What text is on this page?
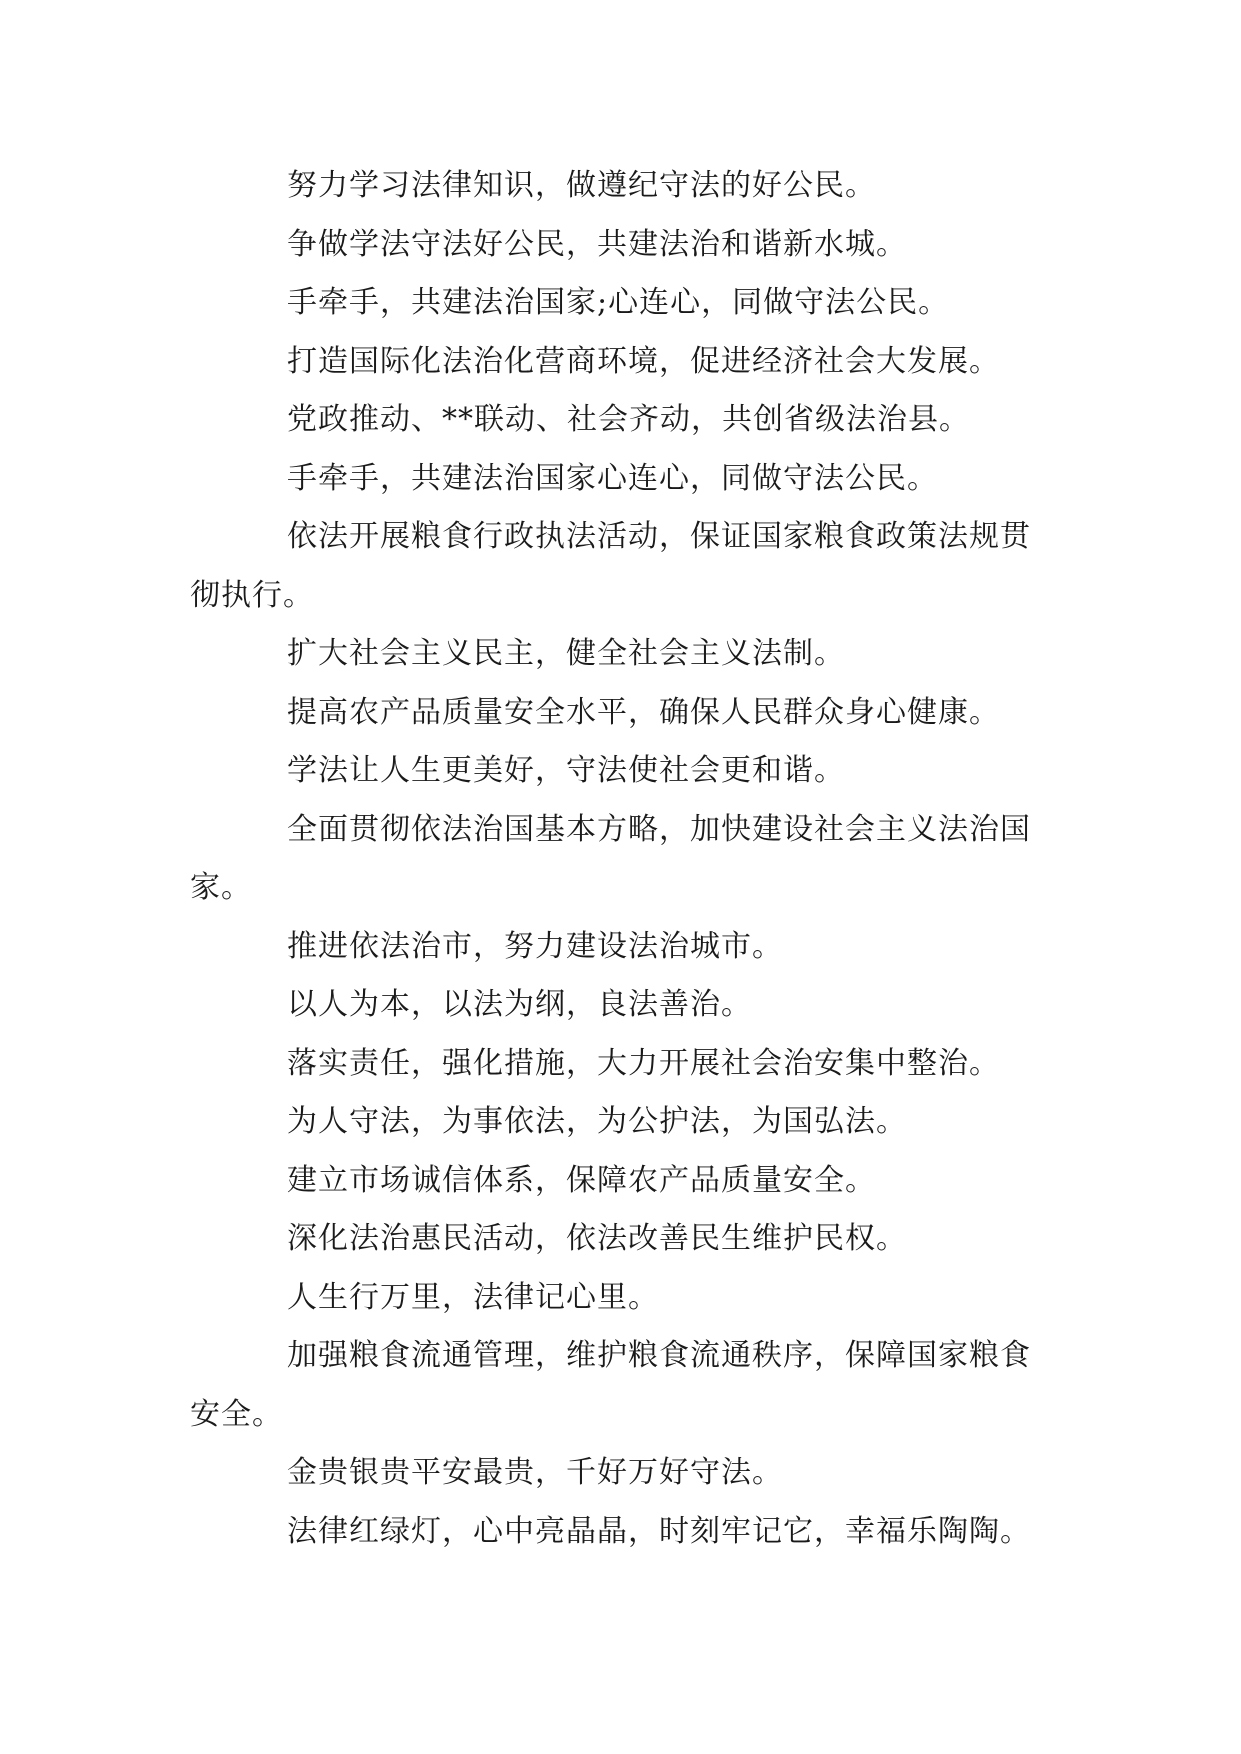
努力学习法律知识，做遵纪守法的好公民。

争做学法守法好公民，共建法治和谐新水城。

手牵手，共建法治国家;心连心，同做守法公民。

打造国际化法治化营商环境，促进经济社会大发展。

党政推动、**联动、社会齐动，共创省级法治县。

手牵手，共建法治国家心连心，同做守法公民。

依法开展粮食行政执法活动，保证国家粮食政策法规贯彻执行。

扩大社会主义民主，健全社会主义法制。

提高农产品质量安全水平，确保人民群众身心健康。

学法让人生更美好，守法使社会更和谐。

全面贯彻依法治国基本方略，加快建设社会主义法治国家。

推进依法治市，努力建设法治城市。

以人为本，以法为纲，良法善治。

落实责任，强化措施，大力开展社会治安集中整治。

为人守法，为事依法，为公护法，为国弘法。

建立市场诚信体系，保障农产品质量安全。

深化法治惠民活动，依法改善民生维护民权。

人生行万里，法律记心里。

加强粮食流通管理，维护粮食流通秩序，保障国家粮食安全。

金贵银贵平安最贵，千好万好守法。

法律红绿灯，心中亮晶晶，时刻牢记它，幸福乐陶陶。
